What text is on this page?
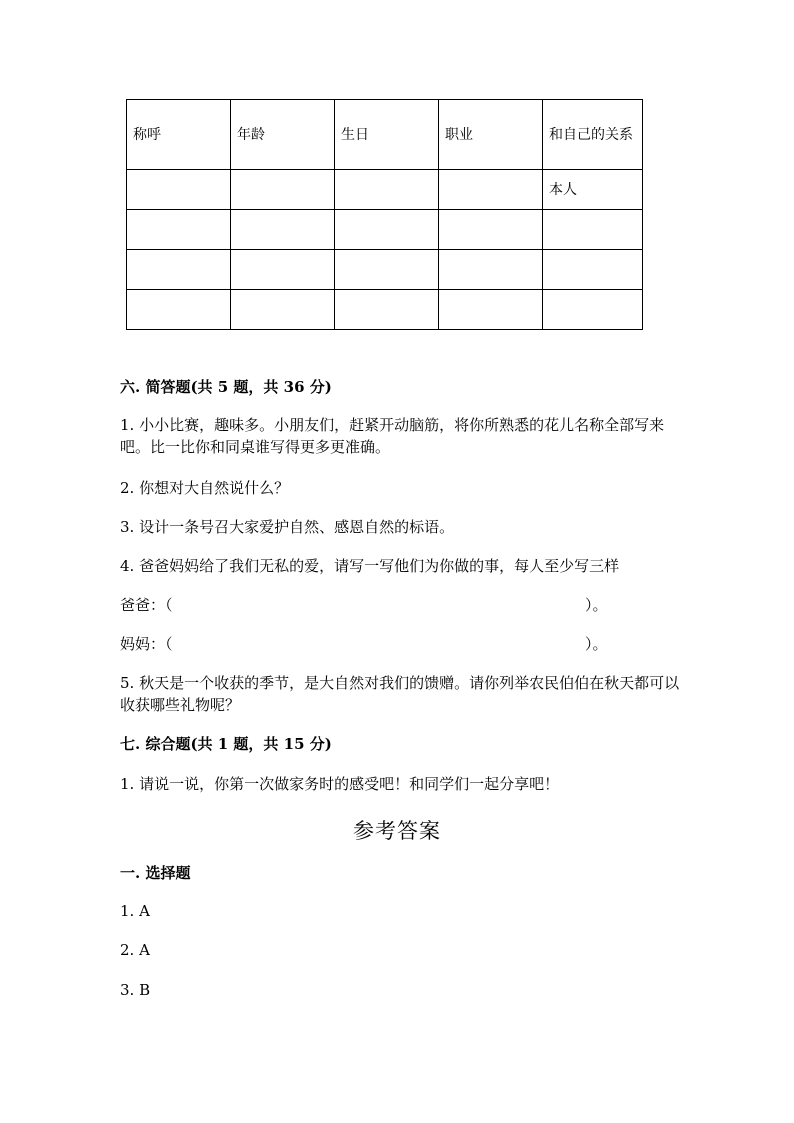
称呼	年龄	生日	职业	和自己的关系
				本人

六. 简答题(共 5 题，共 36 分)
1. 小小比赛，趣味多。小朋友们，赶紧开动脑筋，将你所熟悉的花儿名称全部写来吧。比一比你和同桌谁写得更多更准确。
2. 你想对大自然说什么？
3. 设计一条号召大家爱护自然、感恩自然的标语。
4. 爸爸妈妈给了我们无私的爱，请写一写他们为你做的事，每人至少写三样
爸爸：（	）。
妈妈：（	）。
5. 秋天是一个收获的季节，是大自然对我们的馈赠。请你列举农民伯伯在秋天都可以收获哪些礼物呢？
七. 综合题(共 1 题，共 15 分)
1. 请说一说，你第一次做家务时的感受吧！和同学们一起分享吧！
参考答案
一. 选择题
1. A
2. A
3. B
